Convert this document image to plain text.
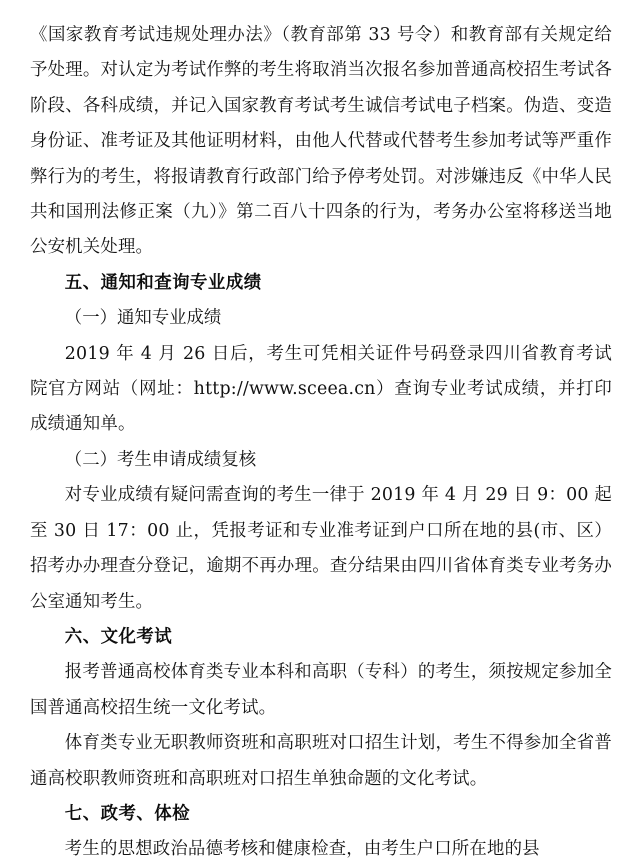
《国家教育考试违规处理办法》（教育部第 33 号令）和教育部有关规定给予处理。对认定为考试作弊的考生将取消当次报名参加普通高校招生考试各阶段、各科成绩，并记入国家教育考试考生诚信考试电子档案。伪造、变造身份证、准考证及其他证明材料，由他人代替或代替考生参加考试等严重作弊行为的考生，将报请教育行政部门给予停考处罚。对涉嫌违反《中华人民共和国刑法修正案（九）》第二百八十四条的行为，考务办公室将移送当地公安机关处理。

五、通知和查询专业成绩

（一）通知专业成绩

2019 年 4 月 26 日后，考生可凭相关证件号码登录四川省教育考试院官方网站（网址：http://www.sceea.cn）查询专业考试成绩，并打印成绩通知单。

（二）考生申请成绩复核

对专业成绩有疑问需查询的考生一律于 2019 年 4 月 29 日 9：00 起至 30 日 17：00 止，凭报考证和专业准考证到户口所在地的县(市、区）招考办办理查分登记，逾期不再办理。查分结果由四川省体育类专业考务办公室通知考生。

六、文化考试

报考普通高校体育类专业本科和高职（专科）的考生，须按规定参加全国普通高校招生统一文化考试。

体育类专业无职教师资班和高职班对口招生计划，考生不得参加全省普通高校职教师资班和高职班对口招生单独命题的文化考试。

七、政考、体检

考生的思想政治品德考核和健康检查，由考生户口所在地的县
